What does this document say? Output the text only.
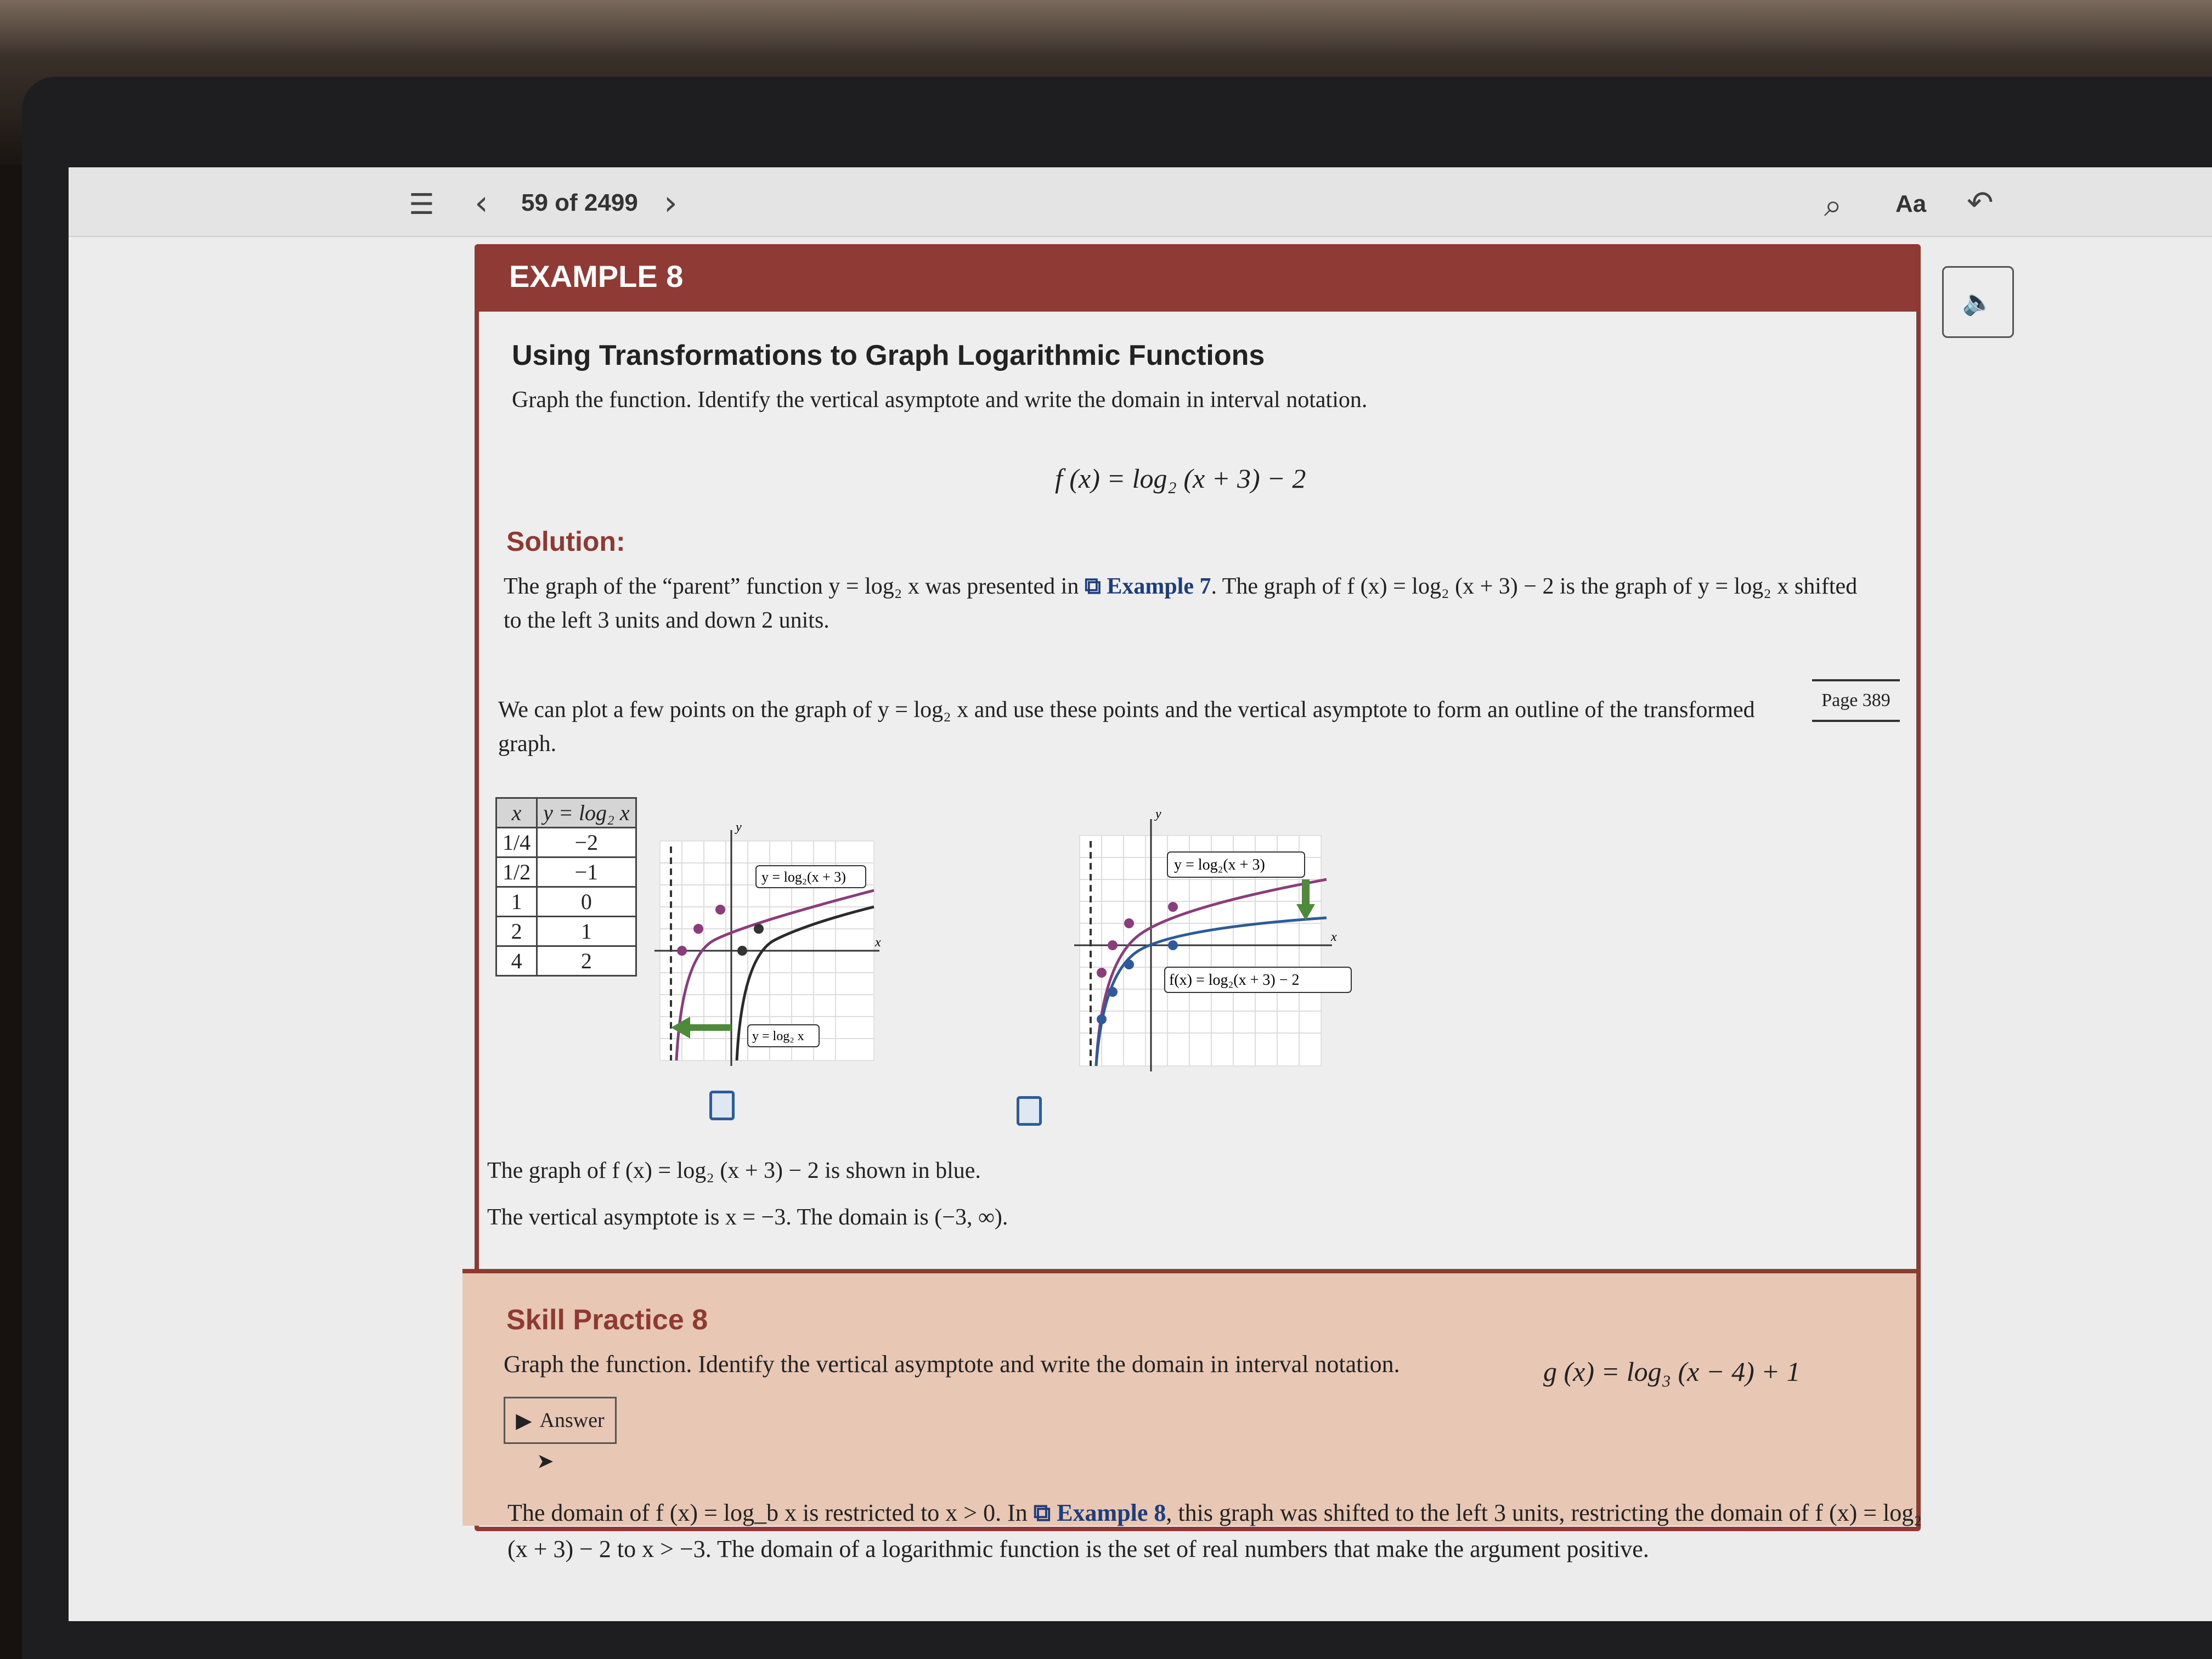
☰ ‹ 59 of 2499 ›	⌕ Aa ↶
🔈
EXAMPLE 8
Using Transformations to Graph Logarithmic Functions
Graph the function. Identify the vertical asymptote and write the domain in interval notation.
f (x) = log₂ (x + 3) − 2
Solution:
The graph of the “parent” function y = log₂ x was presented in ⧉ Example 7. The graph of f (x) = log₂ (x + 3) − 2 is the graph of y = log₂ x shifted to the left 3 units and down 2 units.
Page 389
We can plot a few points on the graph of y = log₂ x and use these points and the vertical asymptote to form an outline of the transformed graph.
x	y = log₂ x
1/4	−2
1/2	−1
1	0
2	1
4	2
y = log₂(x + 3)
y = log₂ x
x
y
y = log₂(x + 3)
f(x) = log₂(x + 3) − 2
x
y
The graph of f (x) = log₂ (x + 3) − 2 is shown in blue.
The vertical asymptote is x = −3. The domain is (−3, ∞).
Skill Practice 8
Graph the function. Identify the vertical asymptote and write the domain in interval notation.	g (x) = log₃ (x − 4) + 1
▶ Answer
➤
The domain of f (x) = log_b x is restricted to x > 0. In ⧉ Example 8, this graph was shifted to the left 3 units, restricting the domain of f (x) = log₂ (x + 3) − 2 to x > −3. The domain of a logarithmic function is the set of real numbers that make the argument positive.
